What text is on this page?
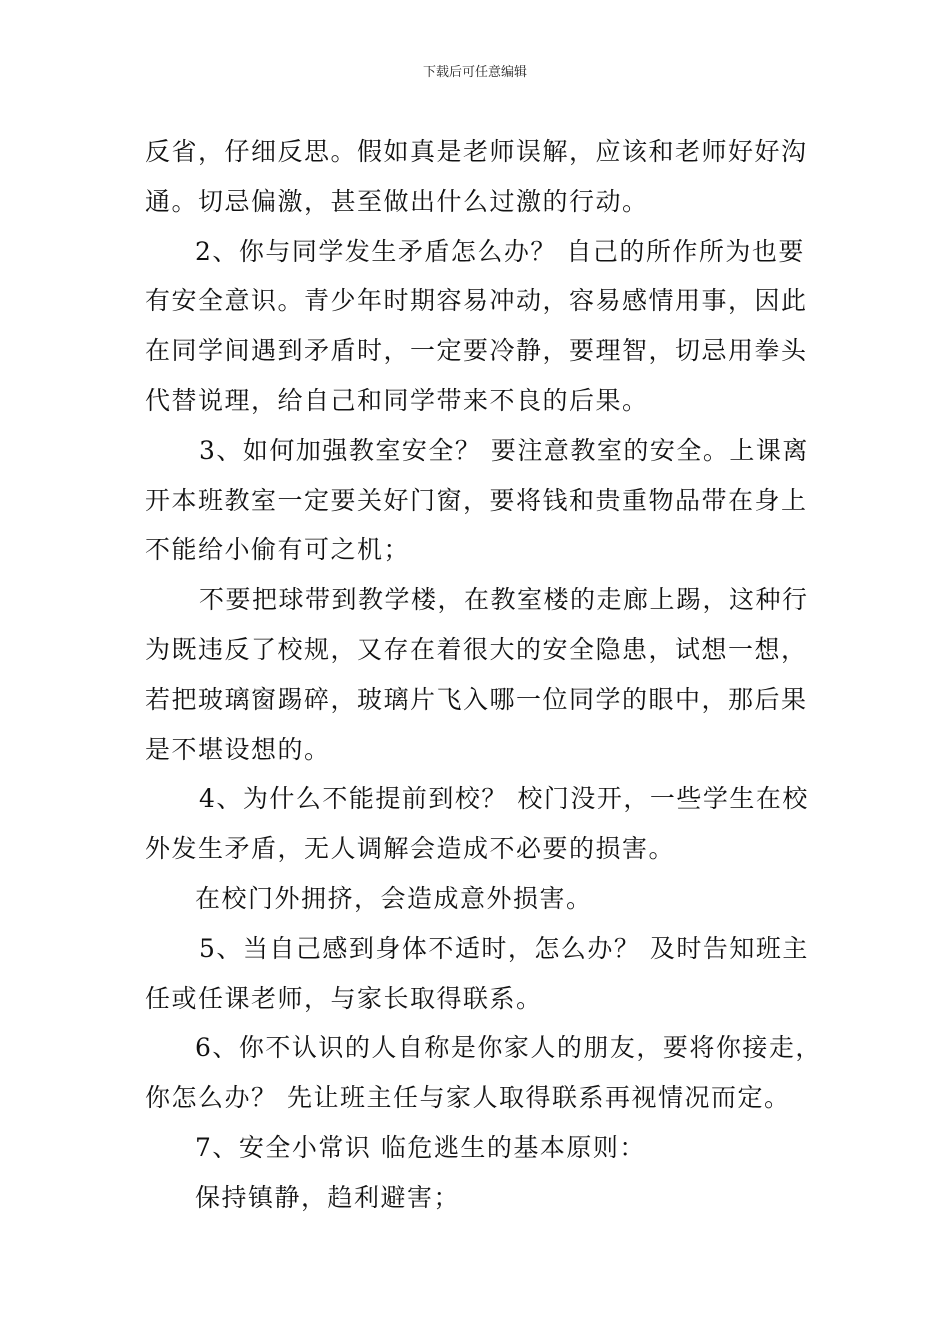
下载后可任意编辑
反省，仔细反思。假如真是老师误解，应该和老师好好沟
通。切忌偏激，甚至做出什么过激的行动。
2、你与同学发生矛盾怎么办？ 自己的所作所为也要
有安全意识。青少年时期容易冲动，容易感情用事，因此
在同学间遇到矛盾时，一定要冷静，要理智，切忌用拳头
代替说理，给自己和同学带来不良的后果。
3、如何加强教室安全？ 要注意教室的安全。上课离
开本班教室一定要关好门窗，要将钱和贵重物品带在身上
不能给小偷有可之机；
不要把球带到教学楼，在教室楼的走廊上踢，这种行
为既违反了校规，又存在着很大的安全隐患，试想一想，
若把玻璃窗踢碎，玻璃片飞入哪一位同学的眼中，那后果
是不堪设想的。
4、为什么不能提前到校？ 校门没开，一些学生在校
外发生矛盾，无人调解会造成不必要的损害。
在校门外拥挤，会造成意外损害。
5、当自己感到身体不适时，怎么办？ 及时告知班主
任或任课老师，与家长取得联系。
6、你不认识的人自称是你家人的朋友，要将你接走，
你怎么办？ 先让班主任与家人取得联系再视情况而定。
7、安全小常识 临危逃生的基本原则：
保持镇静，趋利避害；
